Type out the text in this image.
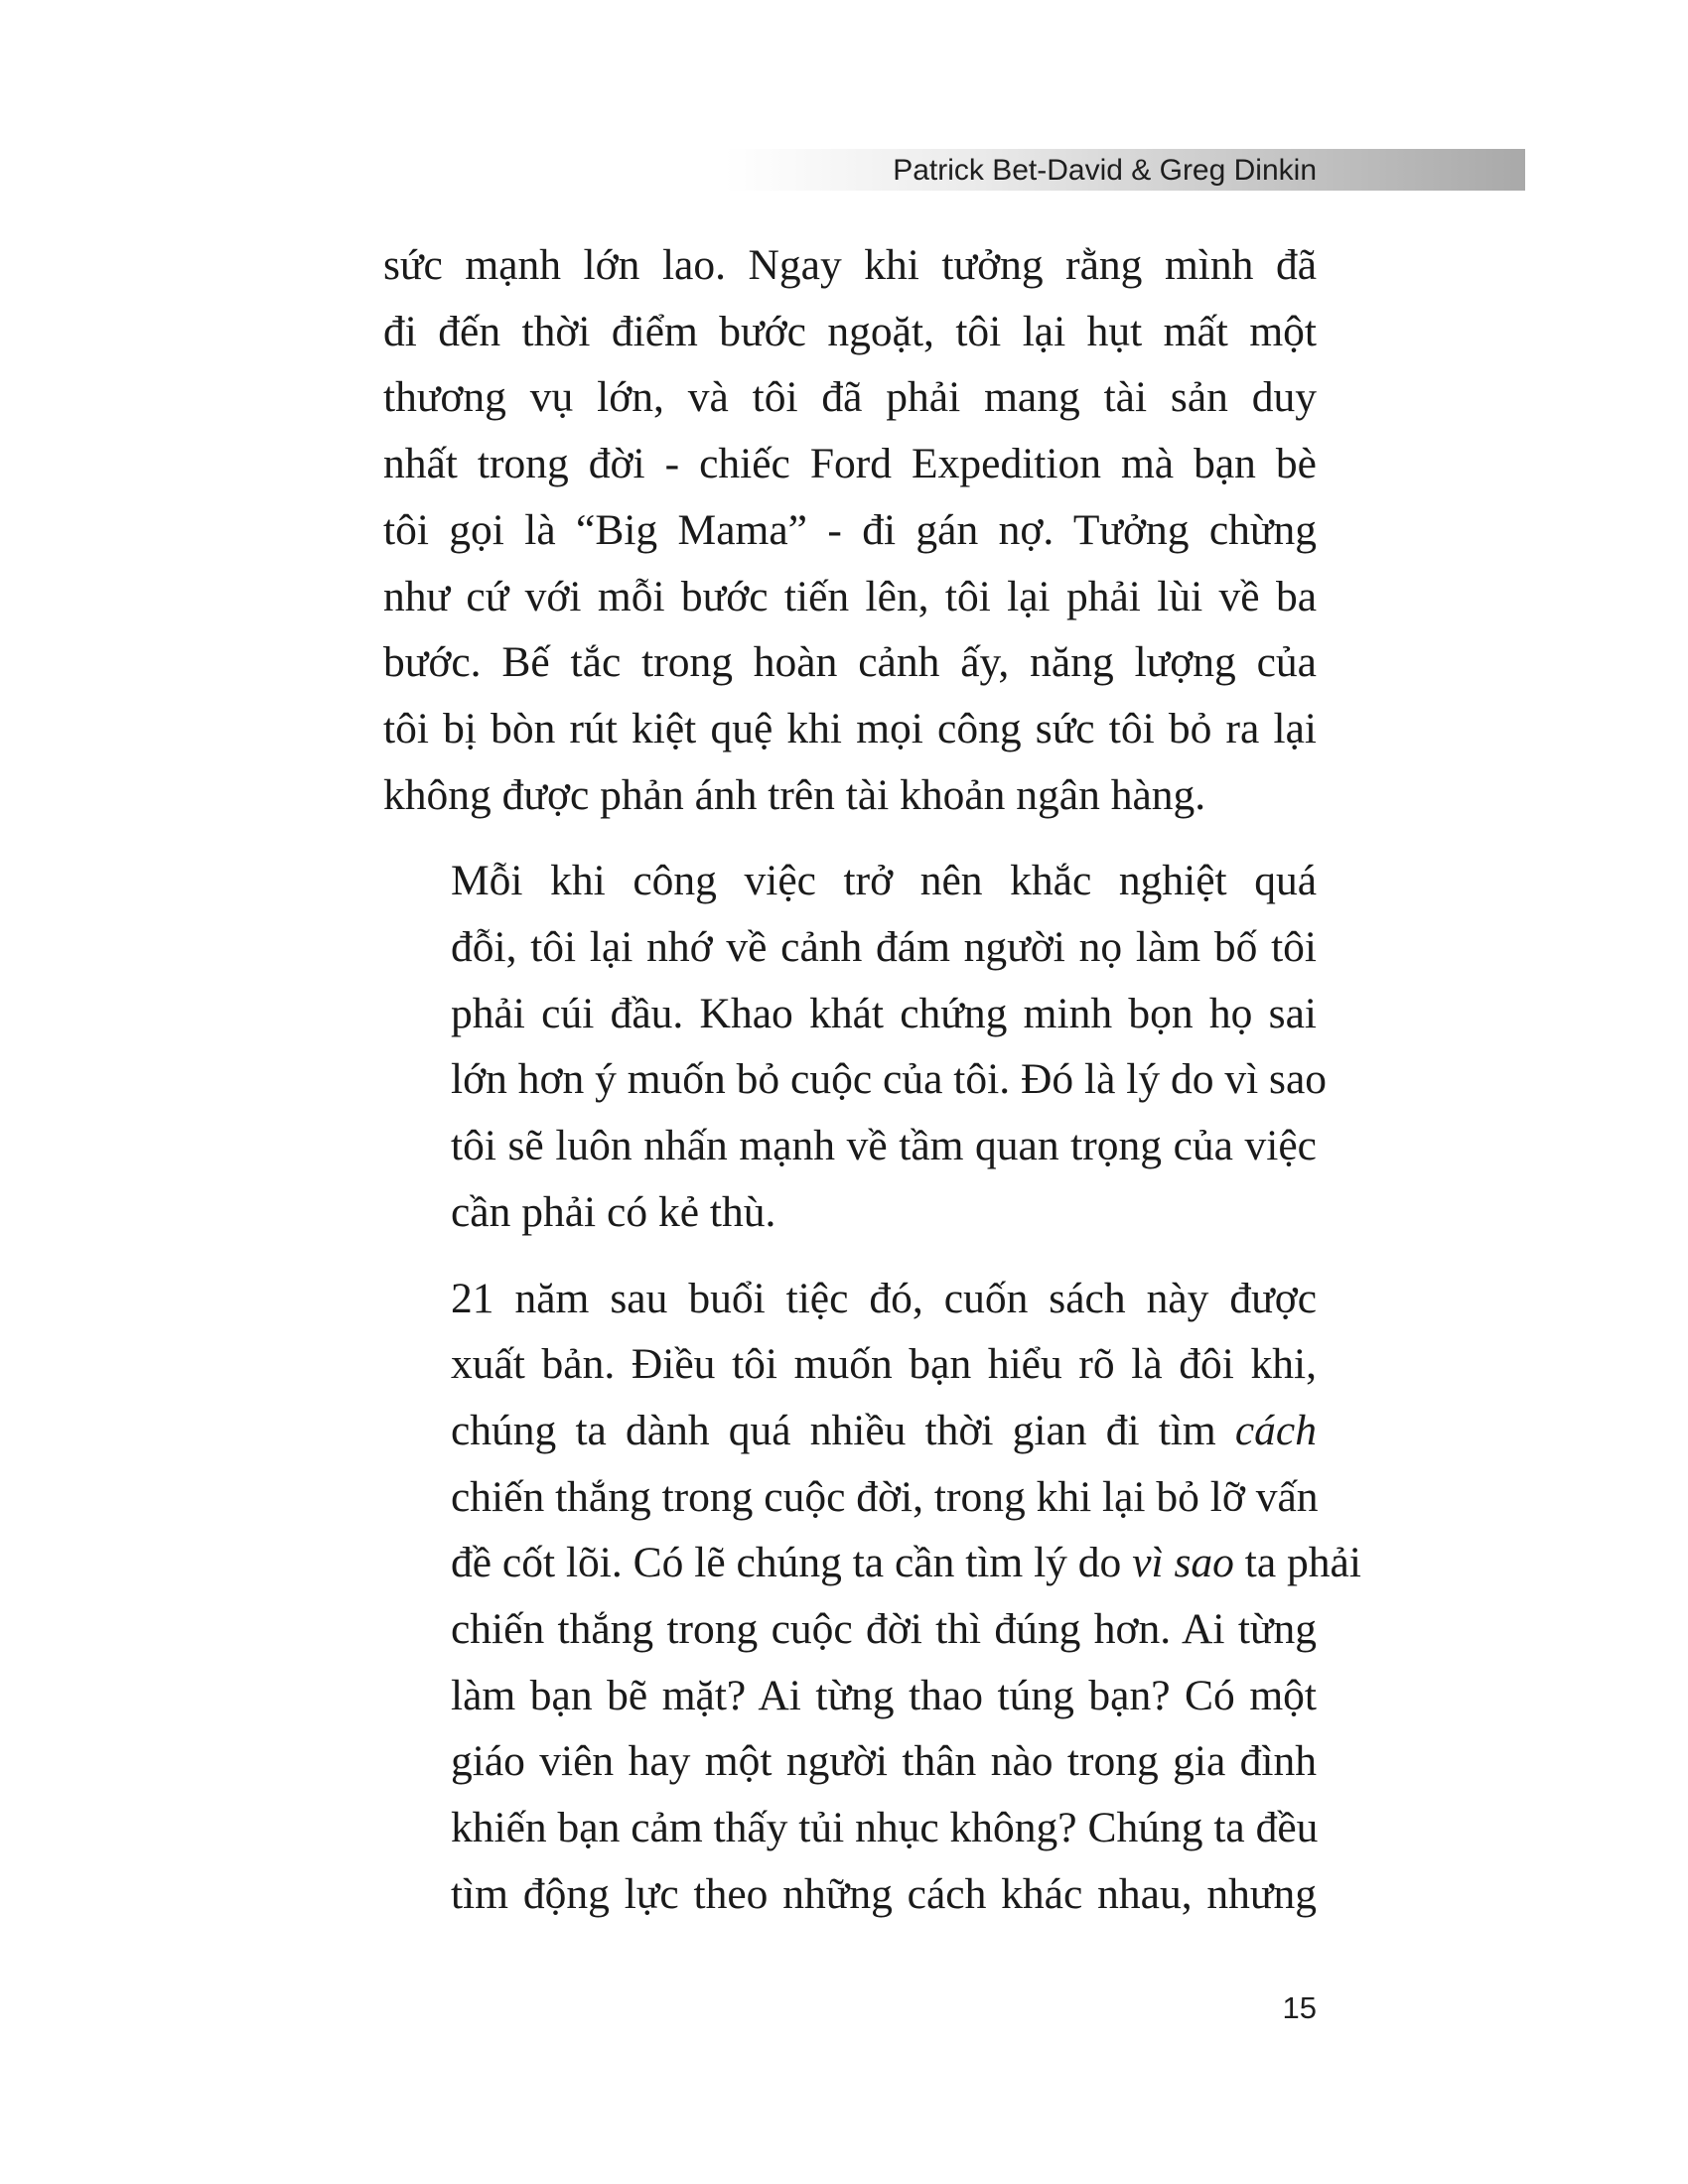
Patrick Bet-David & Greg Dinkin

sức mạnh lớn lao. Ngay khi tưởng rằng mình đã
đi đến thời điểm bước ngoặt, tôi lại hụt mất một
thương vụ lớn, và tôi đã phải mang tài sản duy
nhất trong đời - chiếc Ford Expedition mà bạn bè
tôi gọi là “Big Mama” - đi gán nợ. Tưởng chừng
như cứ với mỗi bước tiến lên, tôi lại phải lùi về ba
bước. Bế tắc trong hoàn cảnh ấy, năng lượng của
tôi bị bòn rút kiệt quệ khi mọi công sức tôi bỏ ra lại
không được phản ánh trên tài khoản ngân hàng.

Mỗi khi công việc trở nên khắc nghiệt quá
đỗi, tôi lại nhớ về cảnh đám người nọ làm bố tôi
phải cúi đầu. Khao khát chứng minh bọn họ sai
lớn hơn ý muốn bỏ cuộc của tôi. Đó là lý do vì sao
tôi sẽ luôn nhấn mạnh về tầm quan trọng của việc
cần phải có kẻ thù.

21 năm sau buổi tiệc đó, cuốn sách này được
xuất bản. Điều tôi muốn bạn hiểu rõ là đôi khi,
chúng ta dành quá nhiều thời gian đi tìm cách
chiến thắng trong cuộc đời, trong khi lại bỏ lỡ vấn
đề cốt lõi. Có lẽ chúng ta cần tìm lý do vì sao ta phải
chiến thắng trong cuộc đời thì đúng hơn. Ai từng
làm bạn bẽ mặt? Ai từng thao túng bạn? Có một
giáo viên hay một người thân nào trong gia đình
khiến bạn cảm thấy tủi nhục không? Chúng ta đều
tìm động lực theo những cách khác nhau, nhưng

15
